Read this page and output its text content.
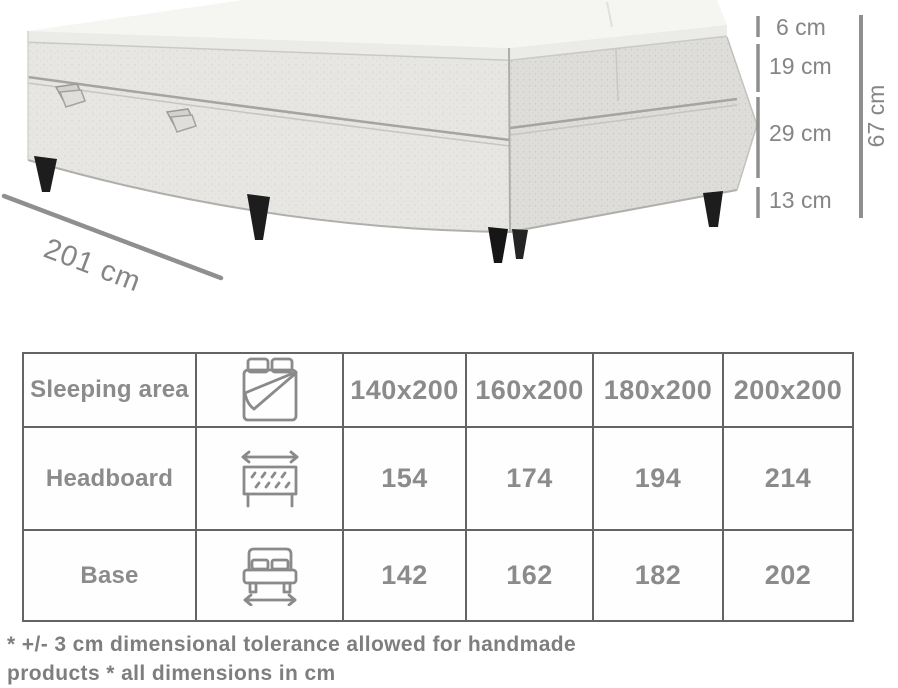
201 cm
6 cm
19 cm
29 cm
13 cm
67 cm
Sleeping area	140x200 160x200 180x200 200x200
Headboard	154	174	194	214
Base	142	162	182	202
* +/- 3 cm dimensional tolerance allowed for handmade
products * all dimensions in cm
